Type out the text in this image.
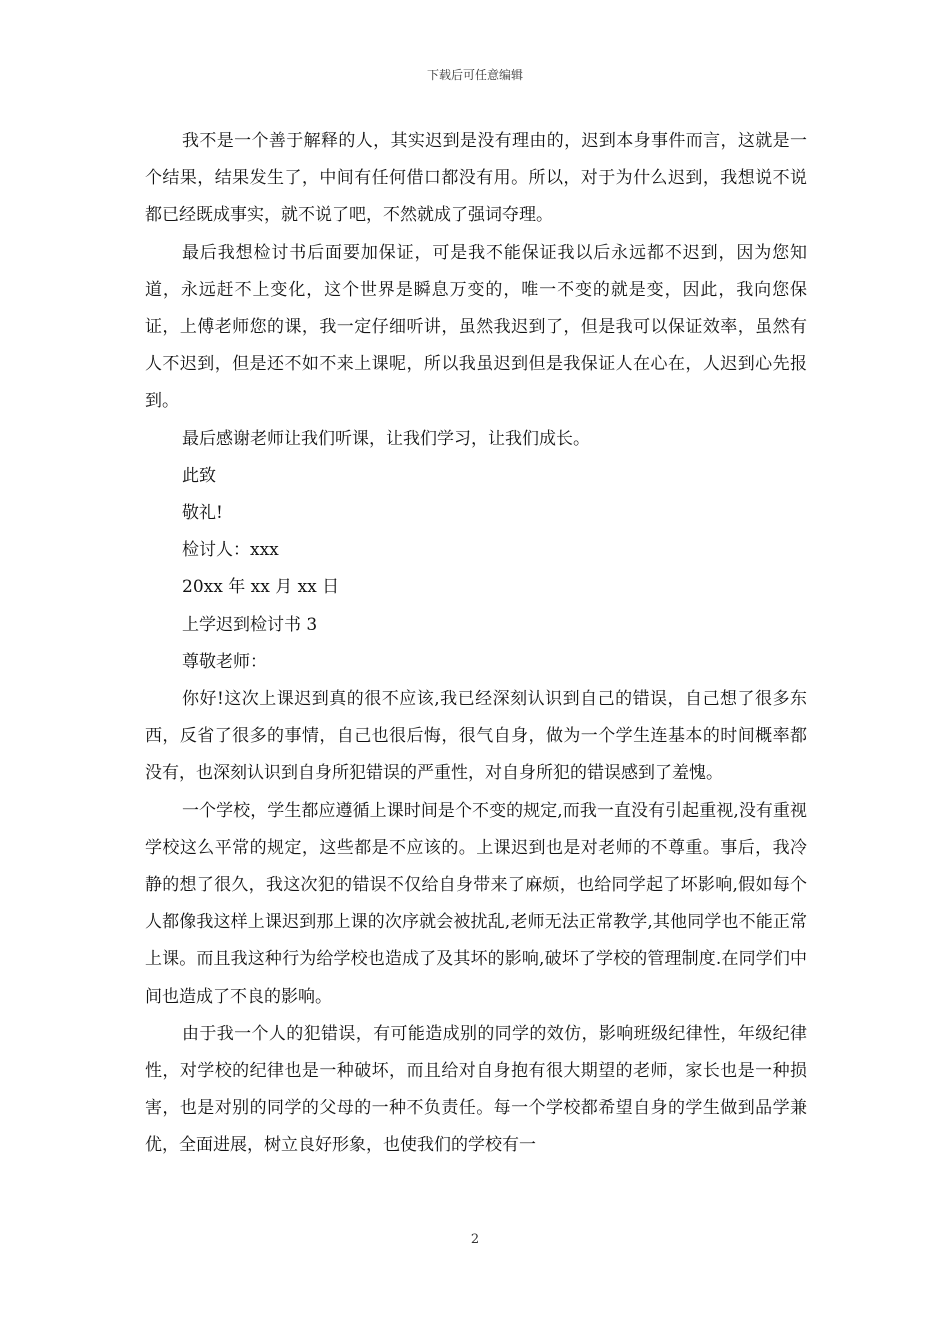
下载后可任意编辑

我不是一个善于解释的人，其实迟到是没有理由的，迟到本身事件而言，这就是一个结果，结果发生了，中间有任何借口都没有用。所以，对于为什么迟到，我想说不说都已经既成事实，就不说了吧，不然就成了强词夺理。

最后我想检讨书后面要加保证，可是我不能保证我以后永远都不迟到，因为您知道，永远赶不上变化，这个世界是瞬息万变的，唯一不变的就是变，因此，我向您保证，上傅老师您的课，我一定仔细听讲，虽然我迟到了，但是我可以保证效率，虽然有人不迟到，但是还不如不来上课呢，所以我虽迟到但是我保证人在心在，人迟到心先报到。

最后感谢老师让我们听课，让我们学习，让我们成长。

此致

敬礼!

检讨人：xxx

20xx 年 xx 月 xx 日

上学迟到检讨书 3

尊敬老师：

你好!这次上课迟到真的很不应该,我已经深刻认识到自己的错误，自己想了很多东西，反省了很多的事情，自己也很后悔，很气自身，做为一个学生连基本的时间概率都没有，也深刻认识到自身所犯错误的严重性，对自身所犯的错误感到了羞愧。

一个学校，学生都应遵循上课时间是个不变的规定,而我一直没有引起重视,没有重视学校这么平常的规定，这些都是不应该的。上课迟到也是对老师的不尊重。事后，我冷静的想了很久，我这次犯的错误不仅给自身带来了麻烦，也给同学起了坏影响,假如每个人都像我这样上课迟到那上课的次序就会被扰乱,老师无法正常教学,其他同学也不能正常上课。而且我这种行为给学校也造成了及其坏的影响,破坏了学校的管理制度.在同学们中间也造成了不良的影响。

由于我一个人的犯错误，有可能造成别的同学的效仿，影响班级纪律性，年级纪律性，对学校的纪律也是一种破坏，而且给对自身抱有很大期望的老师，家长也是一种损害，也是对别的同学的父母的一种不负责任。每一个学校都希望自身的学生做到品学兼优，全面进展，树立良好形象，也使我们的学校有一

2
